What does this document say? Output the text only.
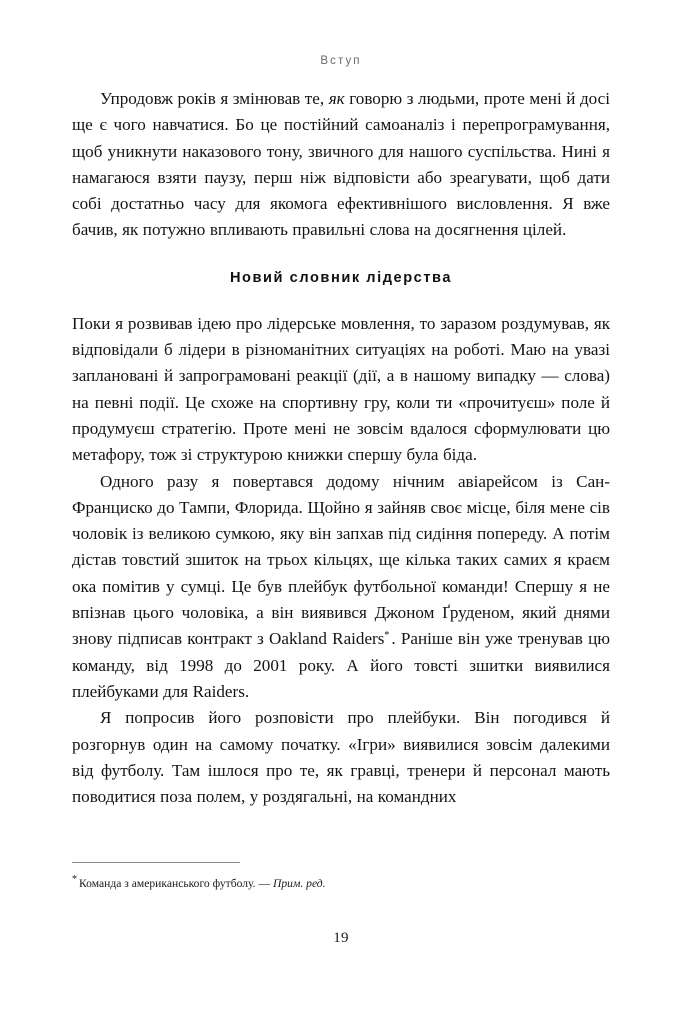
Вступ

Упродовж років я змінював те, як говорю з людьми, проте мені й досі ще є чого навчатися. Бо це постійний самоаналіз і перепрограмування, щоб уникнути наказового тону, звичного для нашого суспільства. Нині я намагаюся взяти паузу, перш ніж відповісти або зреагувати, щоб дати собі достатньо часу для якомога ефективнішого висловлення. Я вже бачив, як потужно впливають правильні слова на досягнення цілей.

Новий словник лідерства

Поки я розвивав ідею про лідерське мовлення, то заразом роздумував, як відповідали б лідери в різноманітних ситуаціях на роботі. Маю на увазі заплановані й запрограмовані реакції (дії, а в нашому випадку — слова) на певні події. Це схоже на спортивну гру, коли ти «прочитуєш» поле й продумуєш стратегію. Проте мені не зовсім вдалося сформулювати цю метафору, тож зі структурою книжки спершу була біда.

Одного разу я повертався додому нічним авіарейсом із Сан-Франциско до Тампи, Флорида. Щойно я зайняв своє місце, біля мене сів чоловік із великою сумкою, яку він запхав під сидіння попереду. А потім дістав товстий зшиток на трьох кільцях, ще кілька таких самих я краєм ока помітив у сумці. Це був плейбук футбольної команди! Спершу я не впізнав цього чоловіка, а він виявився Джоном Ґруденом, який днями знову підписав контракт з Oakland Raiders* . Раніше він уже тренував цю команду, від 1998 до 2001 року. А його товсті зшитки виявилися плейбуками для Raiders.

Я попросив його розповісти про плейбуки. Він погодився й розгорнув один на самому початку. «Ігри» виявилися зовсім далекими від футболу. Там ішлося про те, як гравці, тренери й персонал мають поводитися поза полем, у роздягальні, на командних

* Команда з американського футболу. — Прим. ред.
19
